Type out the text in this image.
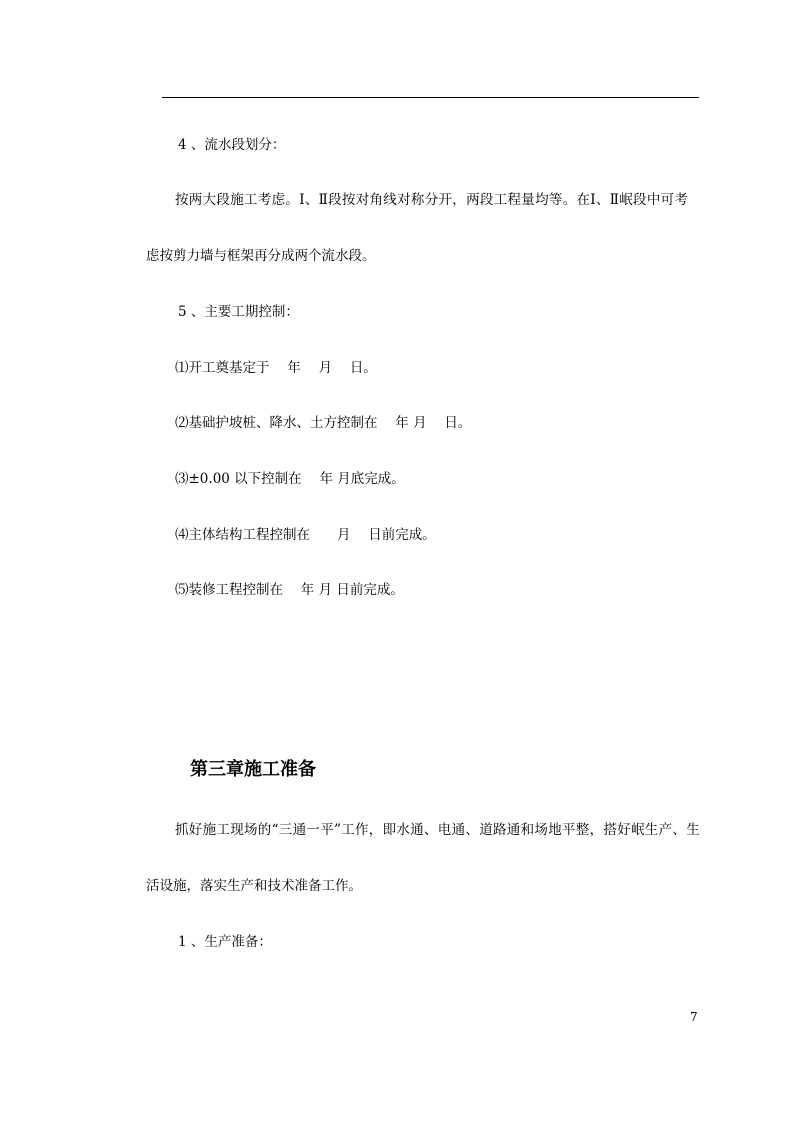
4 、流水段划分：
按两大段施工考虑。Ⅰ、Ⅱ段按对角线对称分开，两段工程量均等。在Ⅰ、Ⅱ岷段中可考
虑按剪力墙与框架再分成两个流水段。
5 、主要工期控制：
⑴开工奠基定于　 年　 月　 日。
⑵基础护坡桩、降水、土方控制在　 年 月　 日。
⑶±0.00 以下控制在　 年 月底完成。
⑷主体结构工程控制在　　月　 日前完成。
⑸装修工程控制在　 年 月 日前完成。
第三章施工准备
抓好施工现场的“三通一平”工作，即水通、电通、道路通和场地平整，搭好岷生产、生
活设施，落实生产和技术准备工作。
1 、生产准备：
7
